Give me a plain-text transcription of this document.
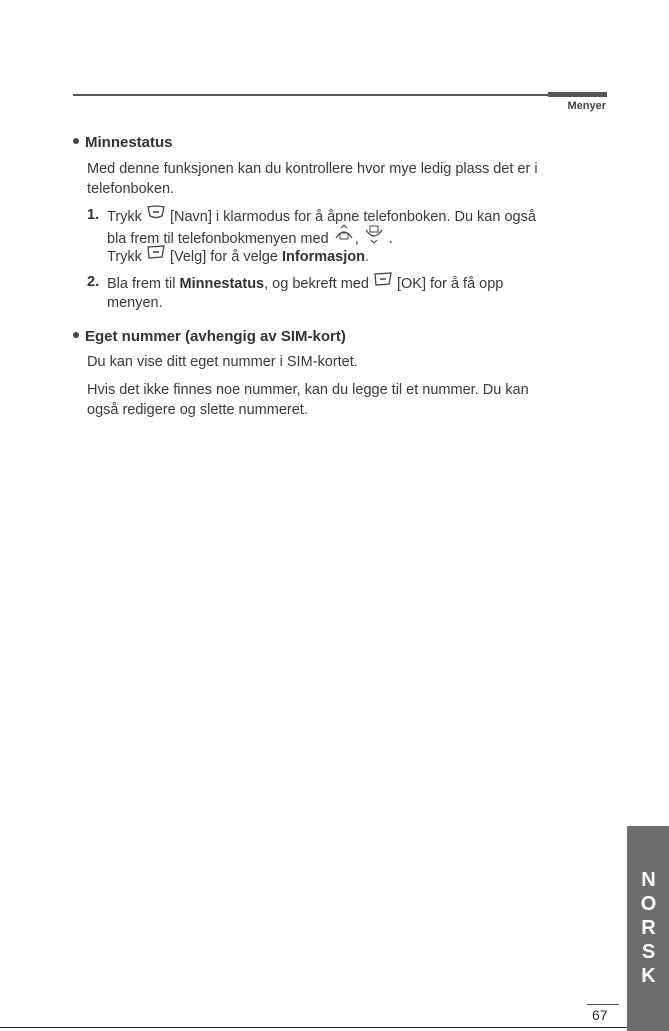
Menyer
Minnestatus
Med denne funksjonen kan du kontrollere hvor mye ledig plass det er i
telefonboken.
1. Trykk [Navn] i klarmodus for å åpne telefonboken. Du kan også
bla frem til telefonbokmenyen med , .
Trykk [Velg] for å velge Informasjon.
2. Bla frem til Minnestatus, og bekreft med [OK] for å få opp
menyen.
Eget nummer (avhengig av SIM-kort)
Du kan vise ditt eget nummer i SIM-kortet.
Hvis det ikke finnes noe nummer, kan du legge til et nummer. Du kan
også redigere og slette nummeret.
NORSK
67
